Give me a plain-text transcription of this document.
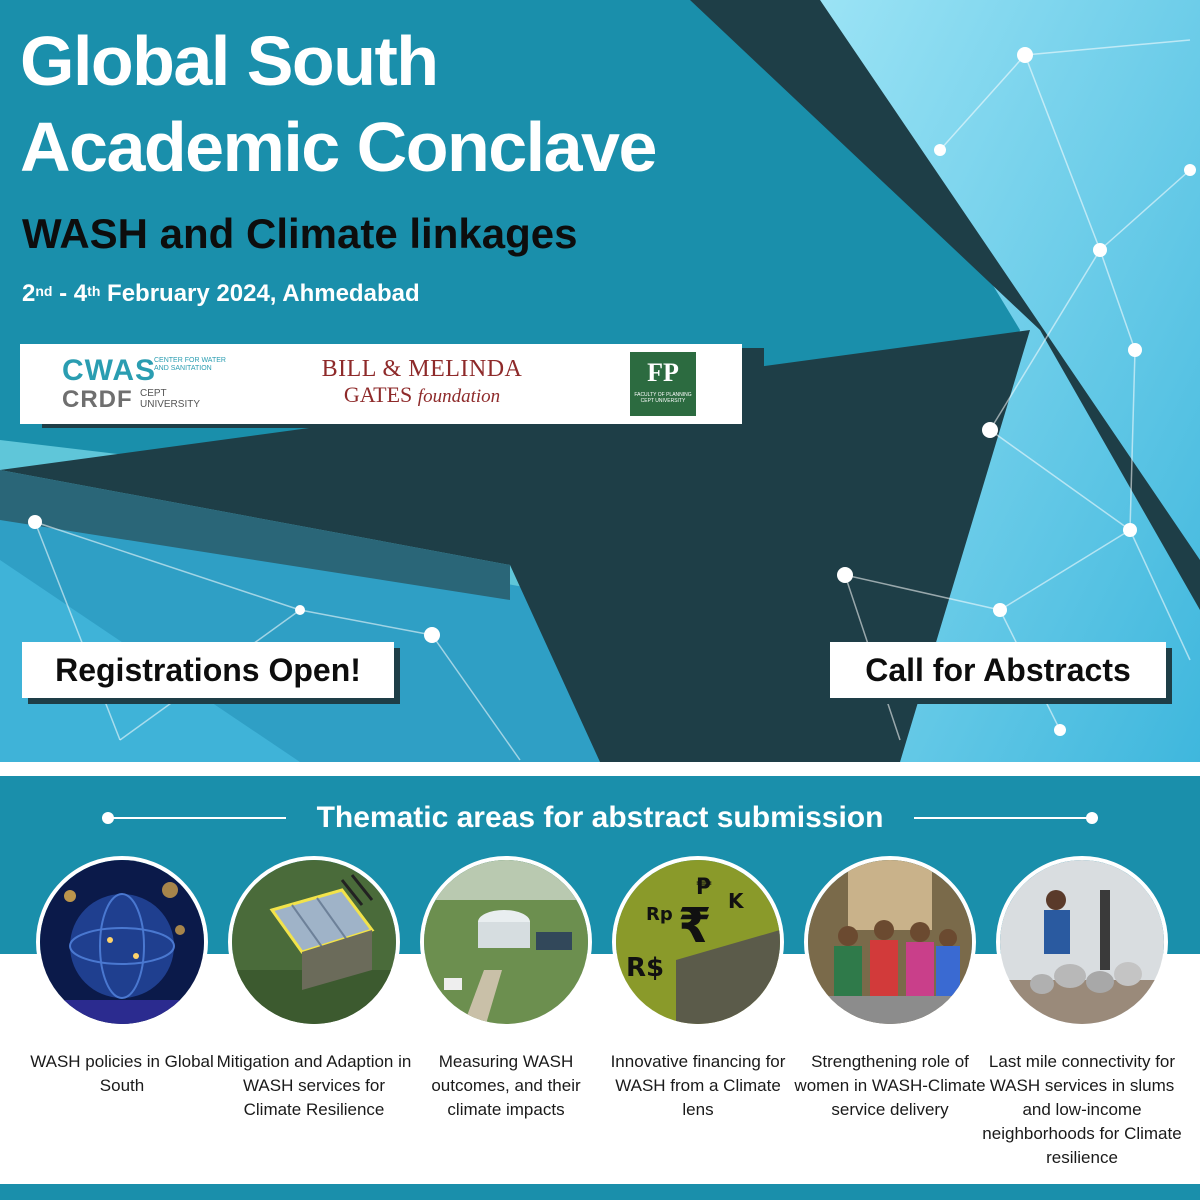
Global South
Academic Conclave
WASH and Climate linkages
2nd - 4th February 2024, Ahmedabad
CWAS
CENTER FOR WATER AND SANITATION
CRDF CEPT
UNIVERSITY
BILL & MELINDA
GATES foundation
FP
FACULTY OF PLANNING
CEPT UNIVERSITY
Registrations Open!	Call for Abstracts
Thematic areas for abstract submission
WASH policies in Global South
Mitigation and Adaption in WASH services for Climate Resilience
Measuring WASH outcomes, and their climate impacts
₹
R$
Rp
₱
K
Innovative financing for WASH from a Climate lens
Strengthening role of women in WASH-Climate service delivery
Last mile connectivity for WASH services in slums and low-income neighborhoods for Climate resilience
